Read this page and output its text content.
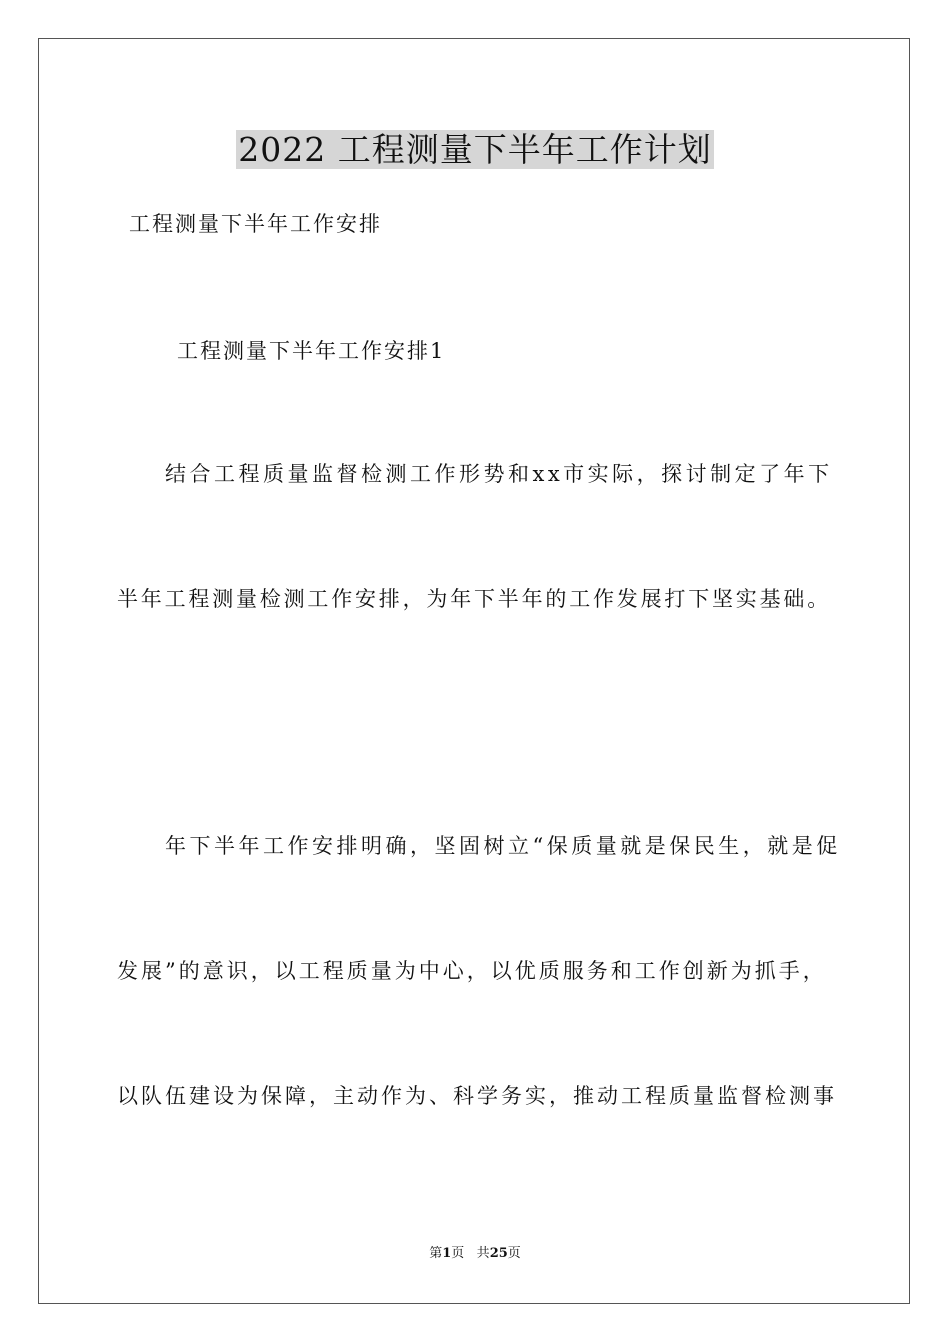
2022 工程测量下半年工作计划
工程测量下半年工作安排
工程测量下半年工作安排1
结合工程质量监督检测工作形势和xx市实际，探讨制定了年下
半年工程测量检测工作安排，为年下半年的工作发展打下坚实基础。
年下半年工作安排明确，坚固树立“保质量就是保民生，就是促
发展”的意识，以工程质量为中心，以优质服务和工作创新为抓手，
以队伍建设为保障，主动作为、科学务实，推动工程质量监督检测事
第1页 共25页
